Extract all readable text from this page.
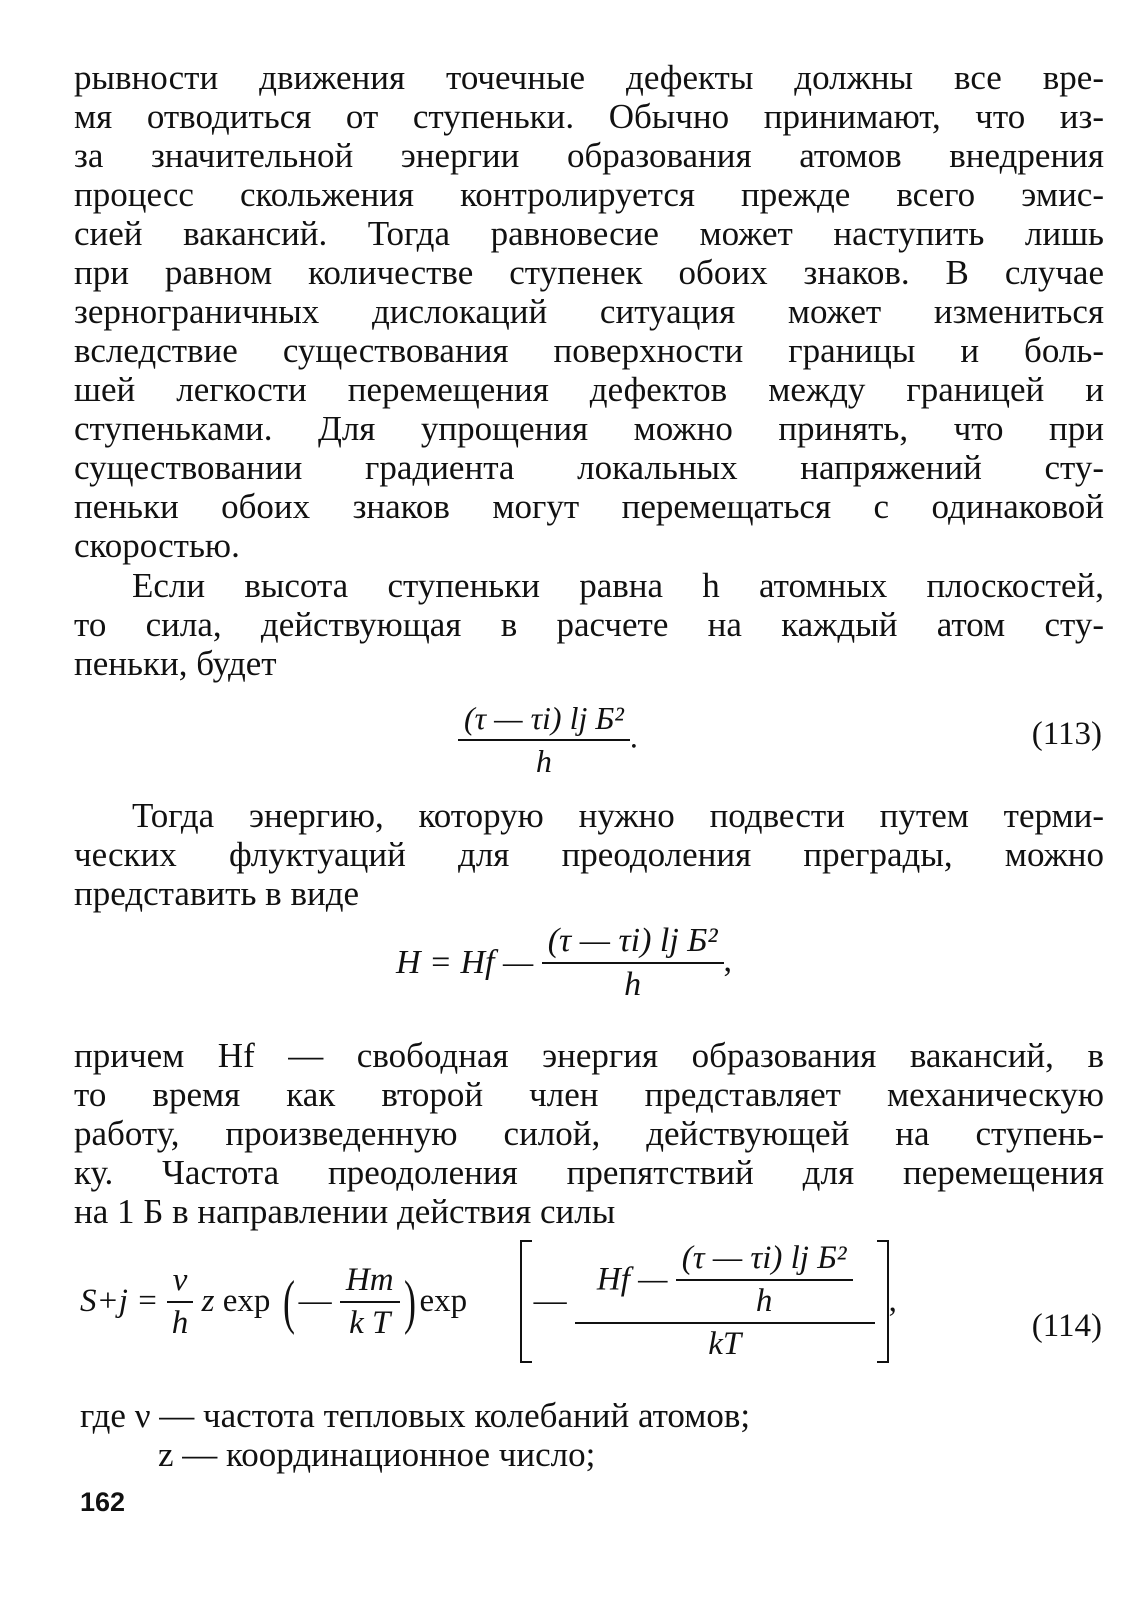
рывности движения точечные дефекты должны все вре-
мя отводиться от ступеньки. Обычно принимают, что из-
за значительной энергии образования атомов внедрения
процесс скольжения контролируется прежде всего эмис-
сией вакансий. Тогда равновесие может наступить лишь
при равном количестве ступенек обоих знаков. В случае
зернограничных дислокаций ситуация может измениться
вследствие существования поверхности границы и боль-
шей легкости перемещения дефектов между границей и
ступеньками. Для упрощения можно принять, что при
существовании градиента локальных напряжений сту-
пеньки обоих знаков могут перемещаться с одинаковой
скоростью.
Если высота ступеньки равна h атомных плоскостей,
то сила, действующая в расчете на каждый атом сту-
пеньки, будет
$\frac{\text{(τ — τi) lj Б²}}{h}$ .	(113)
Тогда энергию, которую нужно подвести путем терми-
ческих флуктуаций для преодоления преграды, можно
представить в виде
H = Hf — $\frac{\text{(τ — τi) lj Б²}}{h}$ ,
причем Hf — свободная энергия образования вакансий, в
то время как второй член представляет механическую
работу, произведенную силой, действующей на ступень-
ку. Частота преодоления препятствий для перемещения
на 1 Б в направлении действия силы
$S+j = \frac{\nu}{h}$ z exp ( — $\frac{Hm}{\text{k T}}$ ) exp — $\frac{Hf — \frac{\text{(τ — τi) lj Б²}}{h}}{kT}$ ,
(114)
где ν — частота тепловых колебаний атомов;
z — координационное число;
162
